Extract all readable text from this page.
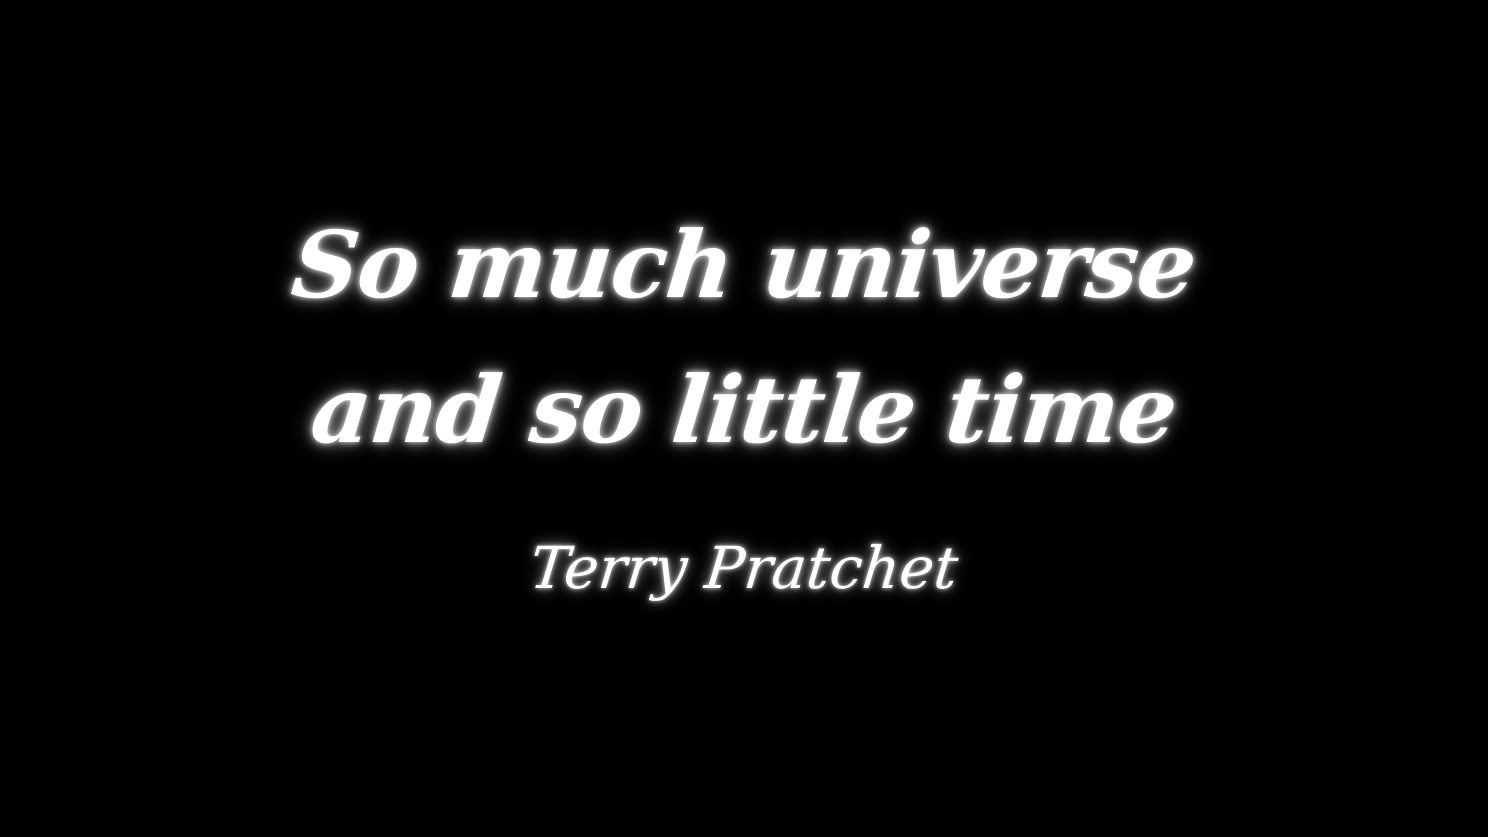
So much universe
and so little time
Terry Pratchet
